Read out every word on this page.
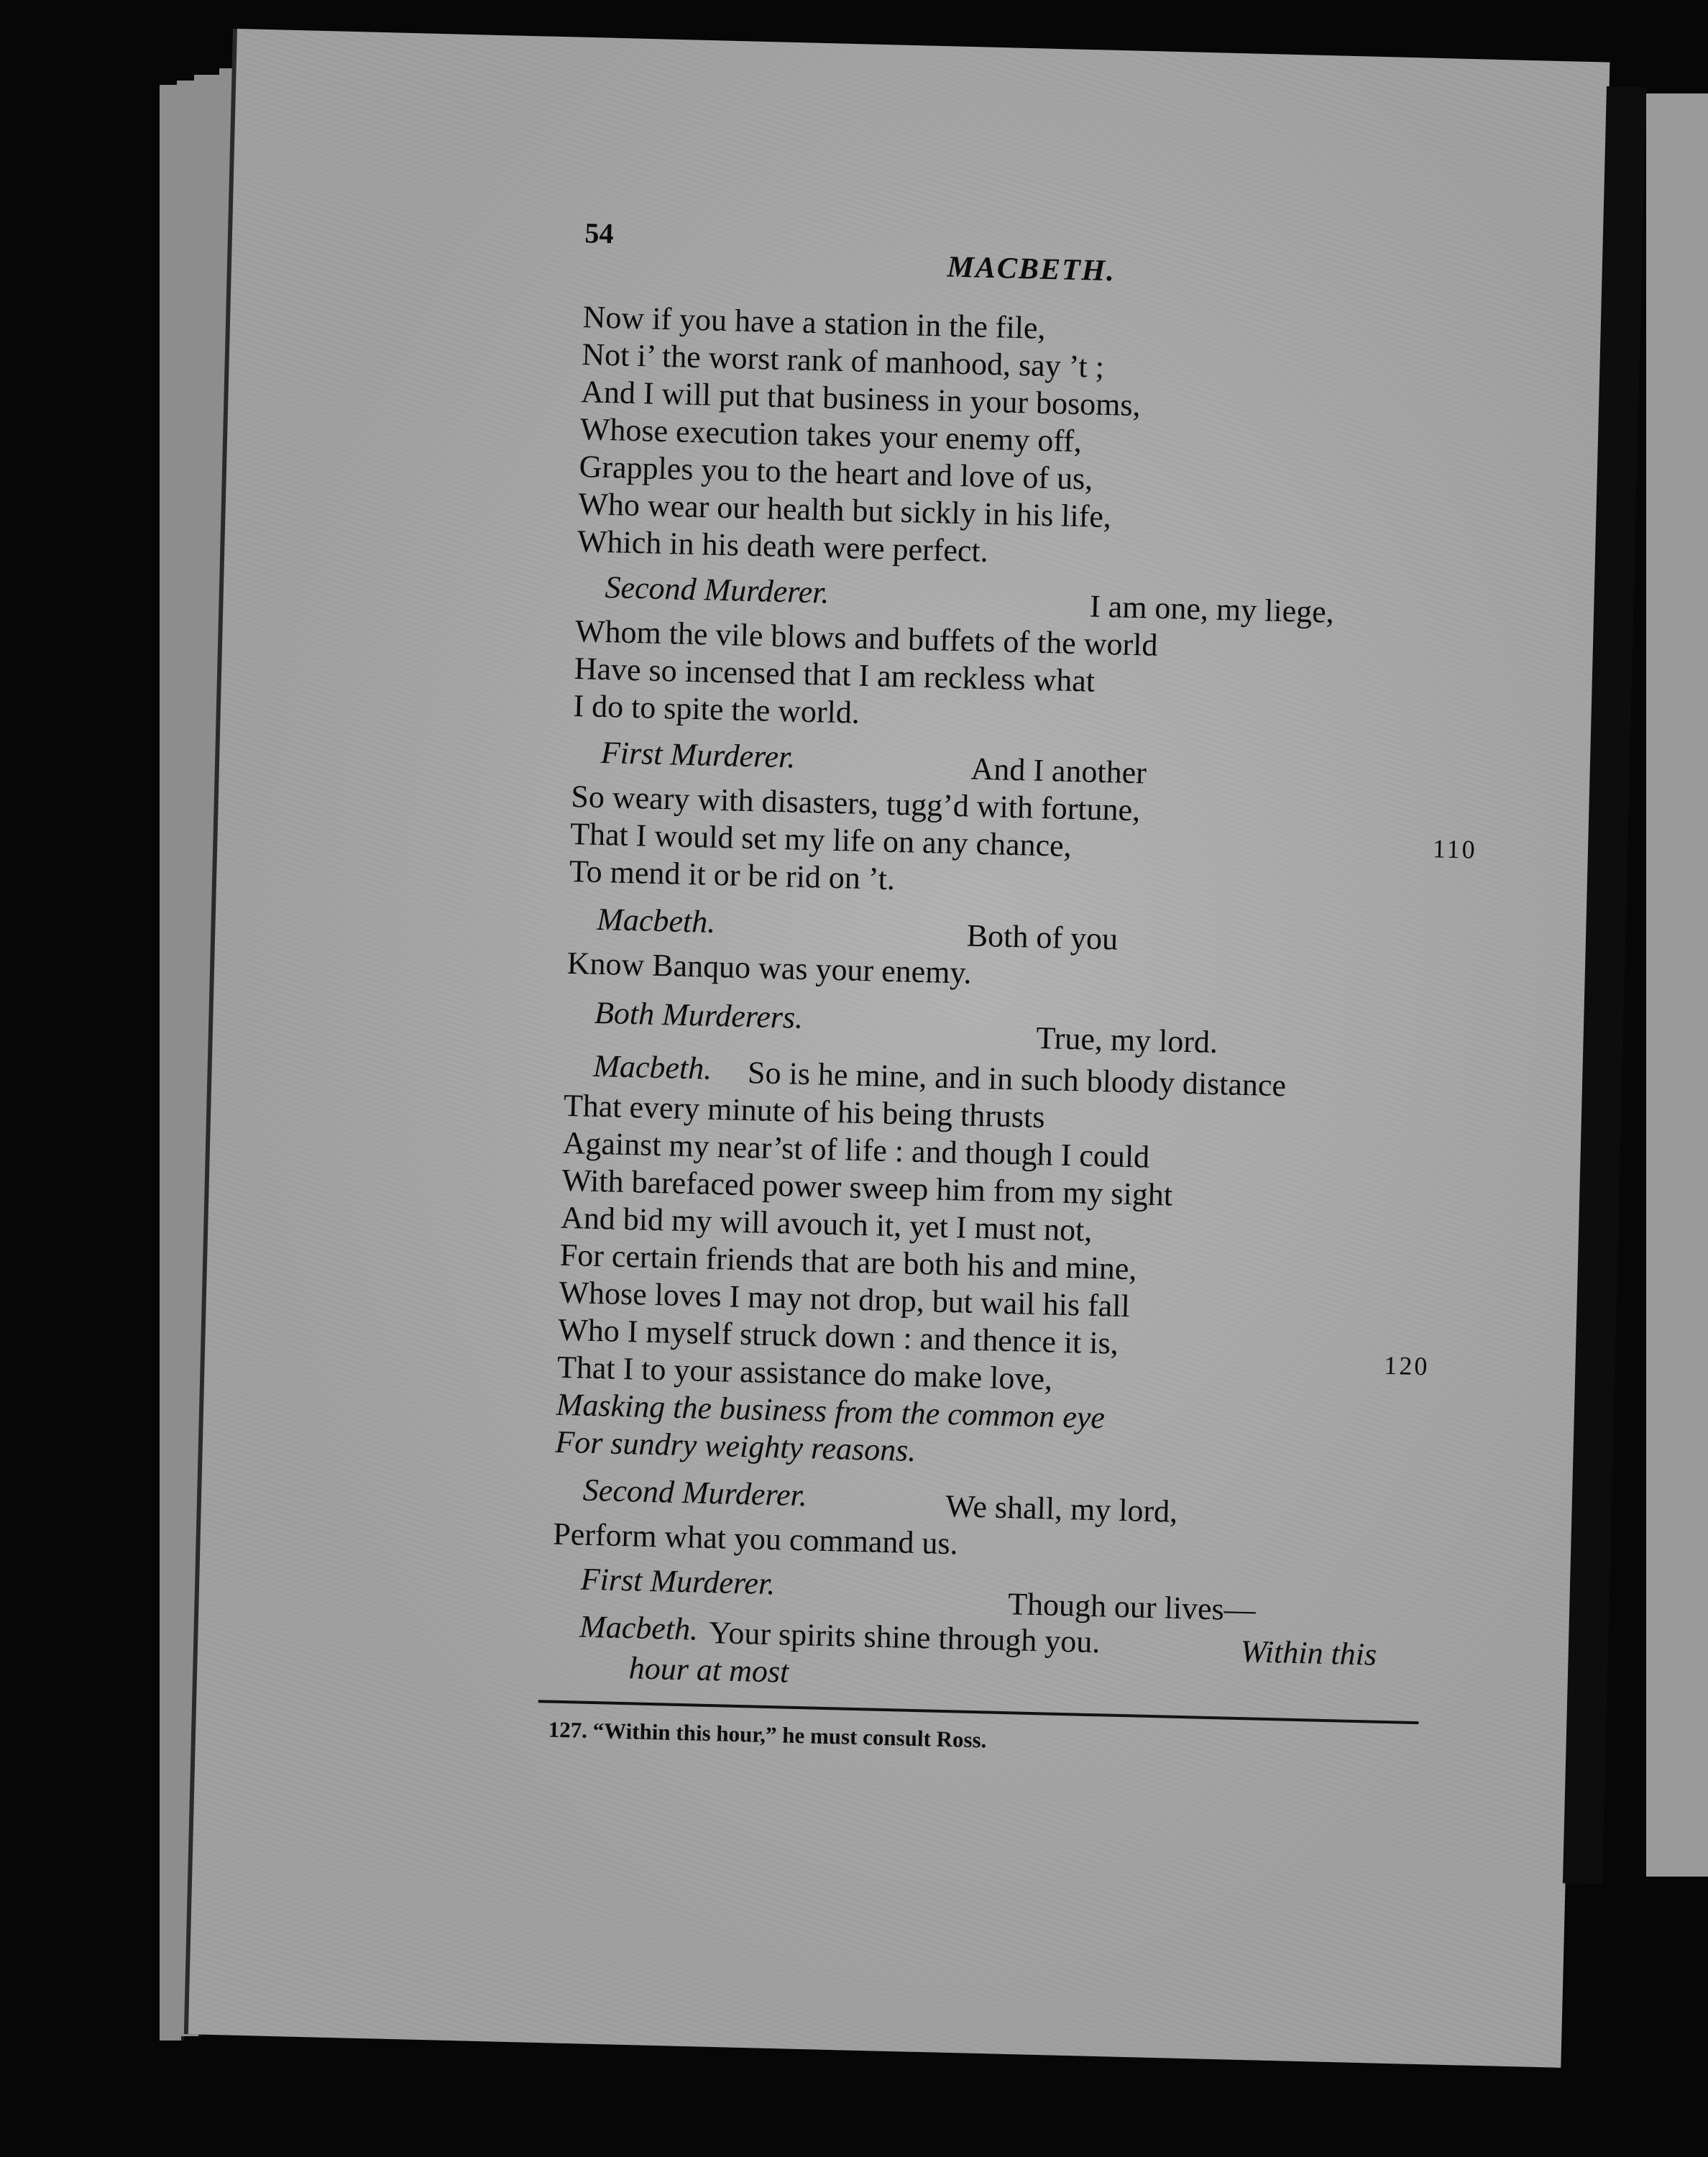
54
MACBETH.
Now if you have a station in the file,
Not i’ the worst rank of manhood, say ’t ;
And I will put that business in your bosoms,
Whose execution takes your enemy off,
Grapples you to the heart and love of us,
Who wear our health but sickly in his life,
Which in his death were perfect.
Second Murderer.	I am one, my liege,
Whom the vile blows and buffets of the world
Have so incensed that I am reckless what
I do to spite the world.
First Murderer.	And I another
So weary with disasters, tugg’d with fortune,
That I would set my life on any chance,
To mend it or be rid on ’t.
Macbeth.	Both of you
Know Banquo was your enemy.
Both Murderers.
True, my lord.
Macbeth. So is he mine, and in such bloody distance
That every minute of his being thrusts
Against my near’st of life : and though I could
With barefaced power sweep him from my sight
And bid my will avouch it, yet I must not,
For certain friends that are both his and mine,
Whose loves I may not drop, but wail his fall
Who I myself struck down : and thence it is,
That I to your assistance do make love,
Masking the business from the common eye
For sundry weighty reasons.
Second Murderer.	We shall, my lord,
Perform what you command us.
First Murderer.
Though our lives—
Macbeth. Your spirits shine through you.	Within this
hour at most
110
120
127. “Within this hour,” he must consult Ross.
